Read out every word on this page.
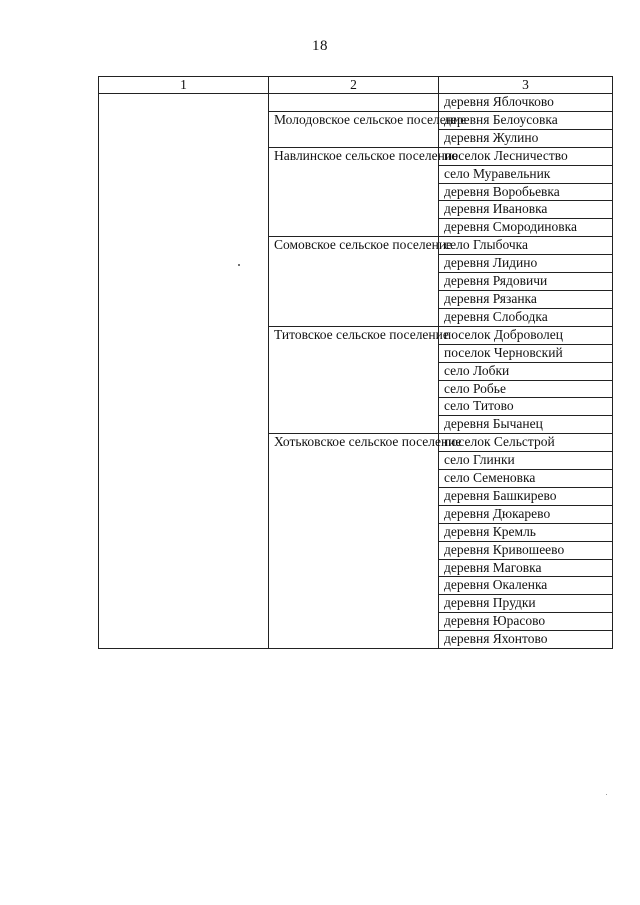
18
1	2	3
		деревня Яблочково
	Молодовское сельское поселение	деревня Белоусовка
		деревня Жулино
	Навлинское сельское поселение	поселок Лесничество
		село Муравельник
		деревня Воробьевка
		деревня Ивановка
		деревня Смородиновка
	Сомовское сельское поселение	село Глыбочка
		деревня Лидино
		деревня Рядовичи
		деревня Рязанка
		деревня Слободка
	Титовское сельское поселение	поселок Доброволец
		поселок Черновский
		село Лобки
		село Робье
		село Титово
		деревня Бычанец
	Хотьковское сельское поселение	поселок Сельстрой
		село Глинки
		село Семеновка
		деревня Башкирево
		деревня Дюкарево
		деревня Кремль
		деревня Кривошеево
		деревня Маговка
		деревня Окаленка
		деревня Прудки
		деревня Юрасово
		деревня Яхонтово
